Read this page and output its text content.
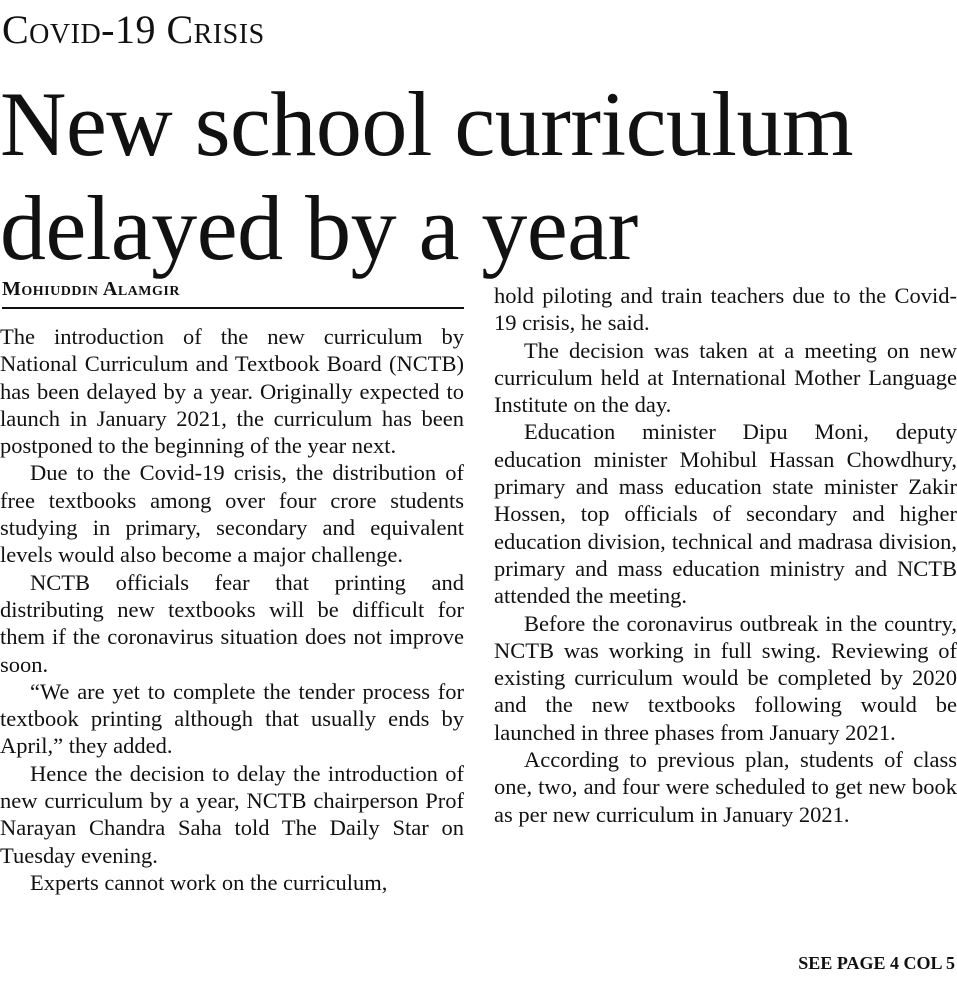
Covid-19 Crisis
New school curriculum
delayed by a year
Mohiuddin Alamgir

The introduction of the new curriculum by National Curriculum and Textbook Board (NCTB) has been delayed by a year. Originally expected to launch in January 2021, the curriculum has been postponed to the beginning of the year next.

Due to the Covid-19 crisis, the distribution of free textbooks among over four crore students studying in primary, secondary and equivalent levels would also become a major challenge.

NCTB officials fear that printing and distributing new textbooks will be difficult for them if the coronavirus situation does not improve soon.

“We are yet to complete the tender process for textbook printing although that usually ends by April,” they added.

Hence the decision to delay the introduction of new curriculum by a year, NCTB chairperson Prof Narayan Chandra Saha told The Daily Star on Tuesday evening.

Experts cannot work on the curriculum,

hold piloting and train teachers due to the Covid-19 crisis, he said.

The decision was taken at a meeting on new curriculum held at International Mother Language Institute on the day.

Education minister Dipu Moni, deputy education minister Mohibul Hassan Chowdhury, primary and mass education state minister Zakir Hossen, top officials of secondary and higher education division, technical and madrasa division, primary and mass education ministry and NCTB attended the meeting.

Before the coronavirus outbreak in the country, NCTB was working in full swing. Reviewing of existing curriculum would be completed by 2020 and the new textbooks following would be launched in three phases from January 2021.

According to previous plan, students of class one, two, and four were scheduled to get new book as per new curriculum in January 2021.

SEE PAGE 4 COL 5
